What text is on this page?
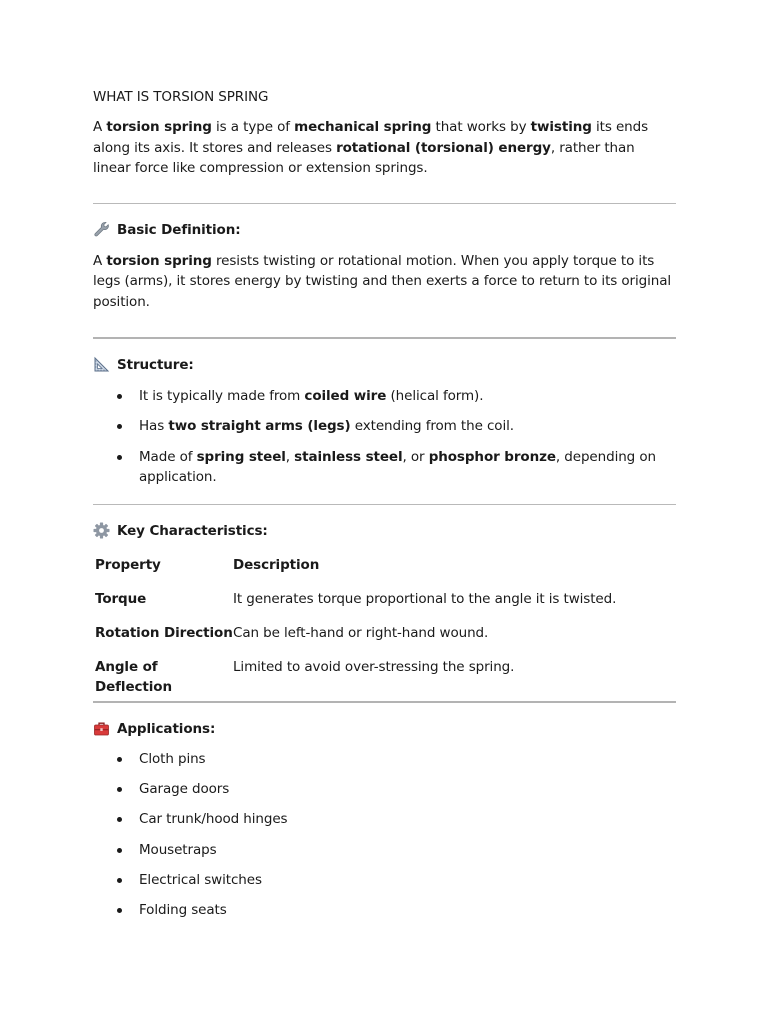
WHAT IS TORSION SPRING

A torsion spring is a type of mechanical spring that works by twisting its ends along its axis. It stores and releases rotational (torsional) energy, rather than linear force like compression or extension springs.

Basic Definition:

A torsion spring resists twisting or rotational motion. When you apply torque to its legs (arms), it stores energy by twisting and then exerts a force to return to its original position.

Structure:
It is typically made from coiled wire (helical form).
Has two straight arms (legs) extending from the coil.
Made of spring steel, stainless steel, or phosphor bronze, depending on application.
Key Characteristics:
Property	Description
Torque	It generates torque proportional to the angle it is twisted.
Rotation Direction	Can be left-hand or right-hand wound.
Angle of Deflection	Limited to avoid over-stressing the spring.
Applications:
Cloth pins
Garage doors
Car trunk/hood hinges
Mousetraps
Electrical switches
Folding seats
